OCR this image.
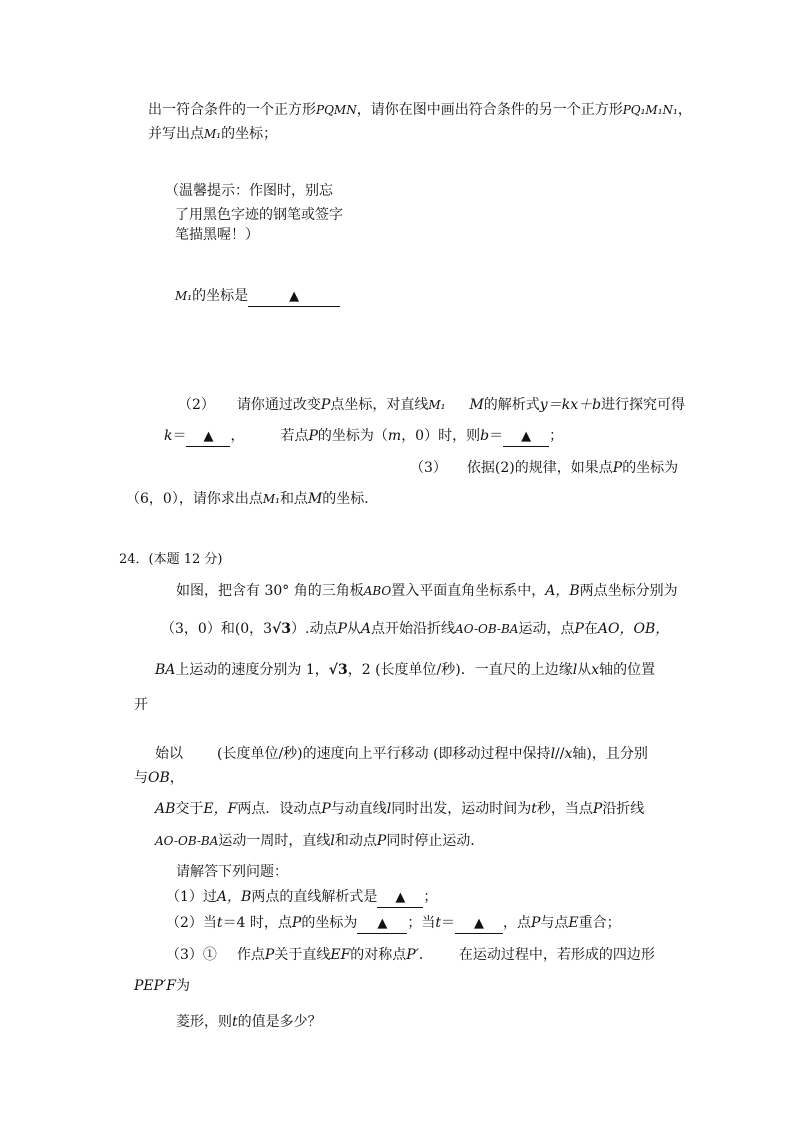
出一符合条件的一个正方形PQMN，请你在图中画出符合条件的另一个正方形PQ₁M₁N₁，
并写出点M₁的坐标；
（温馨提示：作图时，别忘
了用黑色字迹的钢笔或签字
笔描黑喔！）
M₁的坐标是	▲
（2） 请你通过改变P点坐标，对直线M₁ M的解析式y＝kx＋b进行探究可得
k＝ ▲ ，	若点P的坐标为（m，0）时，则b＝ ▲ ；
（3） 依据(2)的规律，如果点P的坐标为
（6，0），请你求出点M₁和点M的坐标．
24．(本题 12 分)
如图，把含有 30° 角的三角板ABO置入平面直角坐标系中，A，B两点坐标分别为
（3，0）和(0，3√3）.动点P从A点开始沿折线AO-OB-BA运动，点P在AO，OB，
BA上运动的速度分别为 1，√3，2 (长度单位/秒)．一直尺的上边缘l从x轴的位置
开
始以 (长度单位/秒)的速度向上平行移动 (即移动过程中保持l//x轴)，且分别
与OB，
AB交于E，F两点．设动点P与动直线l同时出发，运动时间为t秒，当点P沿折线
AO-OB-BA运动一周时，直线l和动点P同时停止运动．
请解答下列问题：
（1）过A，B两点的直线解析式是 ▲ ；
（2）当t＝4 时，点P的坐标为 ▲ ；当t＝ ▲ ，点P与点E重合；
（3）① 作点P关于直线EF的对称点P′． 在运动过程中，若形成的四边形
PEP′F为
菱形，则t的值是多少？
